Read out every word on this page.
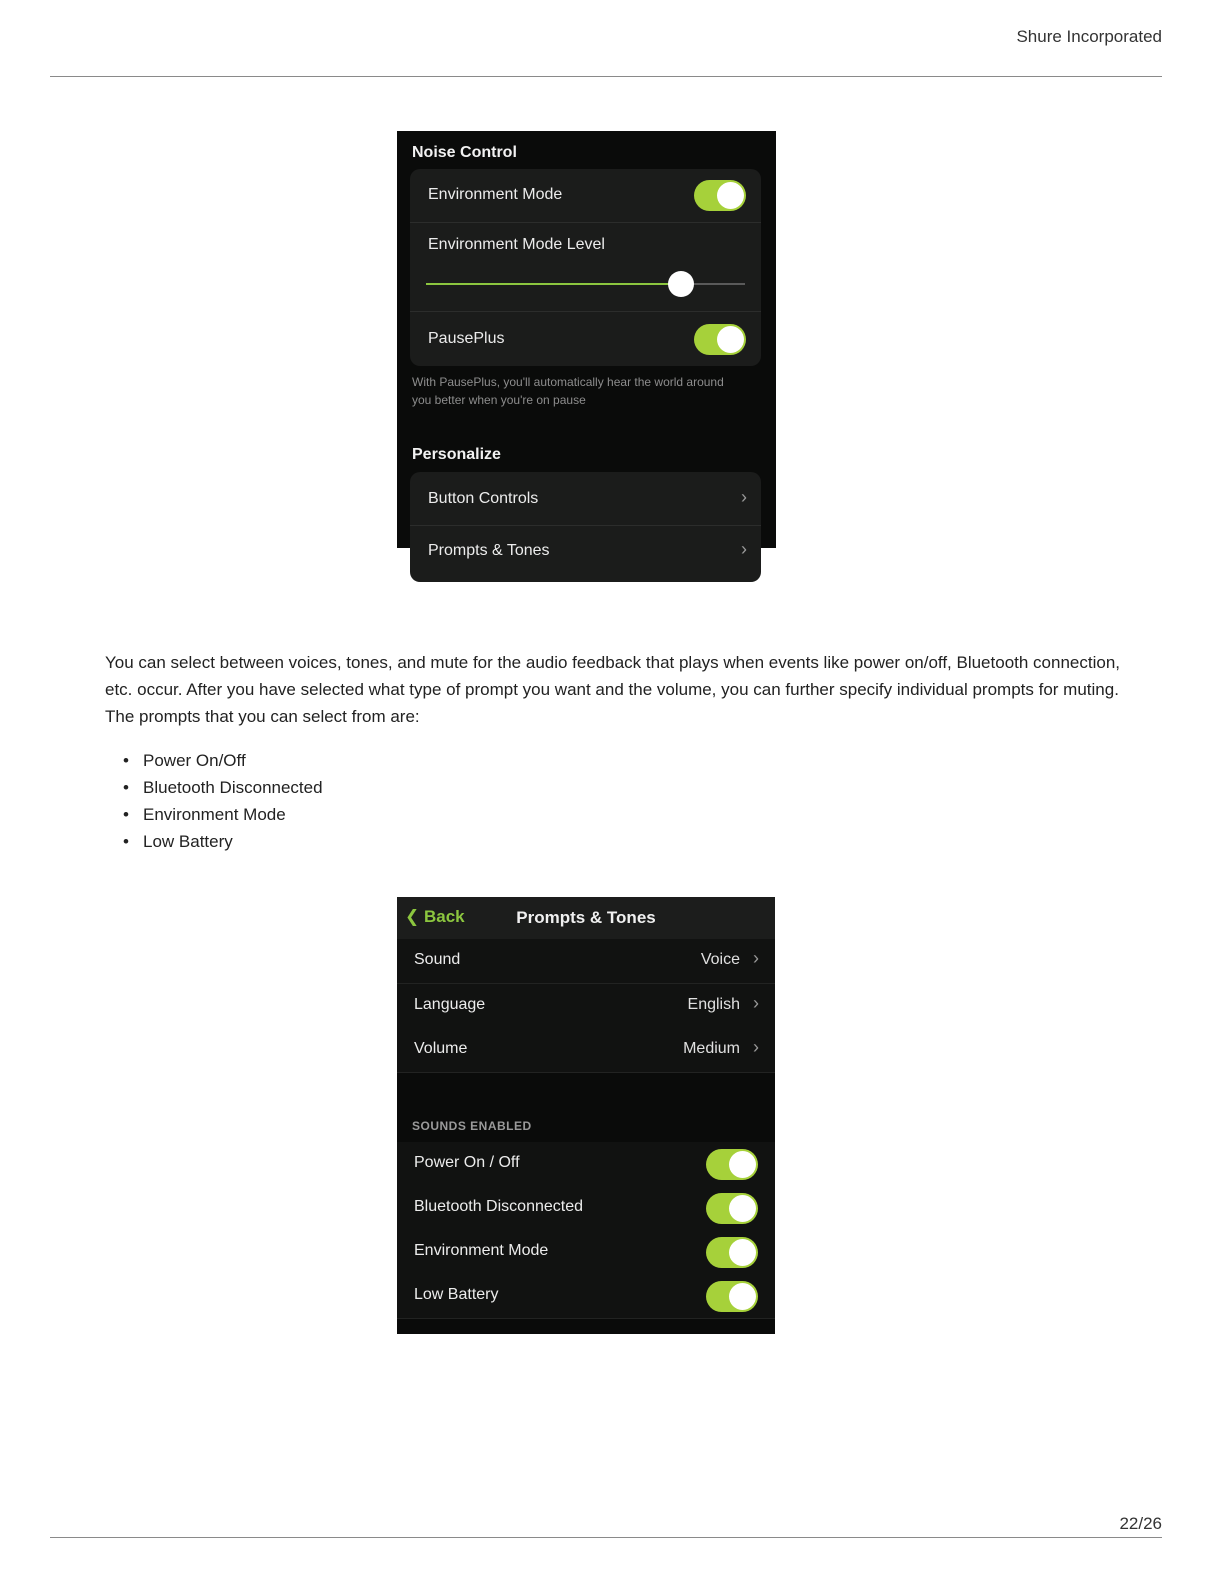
Shure Incorporated
Noise Control
Environment Mode
Environment Mode Level
PausePlus
With PausePlus, you'll automatically hear the world around you better when you're on pause
Personalize
Button Controls	›
Prompts & Tones	›

You can select between voices, tones, and mute for the audio feedback that plays when events like power on/off, Bluetooth connection, etc. occur. After you have selected what type of prompt you want and the volume, you can further specify individual prompts for muting. The prompts that you can select from are:

• Power On/Off
• Bluetooth Disconnected
• Environment Mode
• Low Battery
❮ Back	Prompts & Tones
Sound	Voice ›
Language	English ›
Volume	Medium ›
SOUNDS ENABLED
Power On / Off
Bluetooth Disconnected
Environment Mode
Low Battery
22/26
